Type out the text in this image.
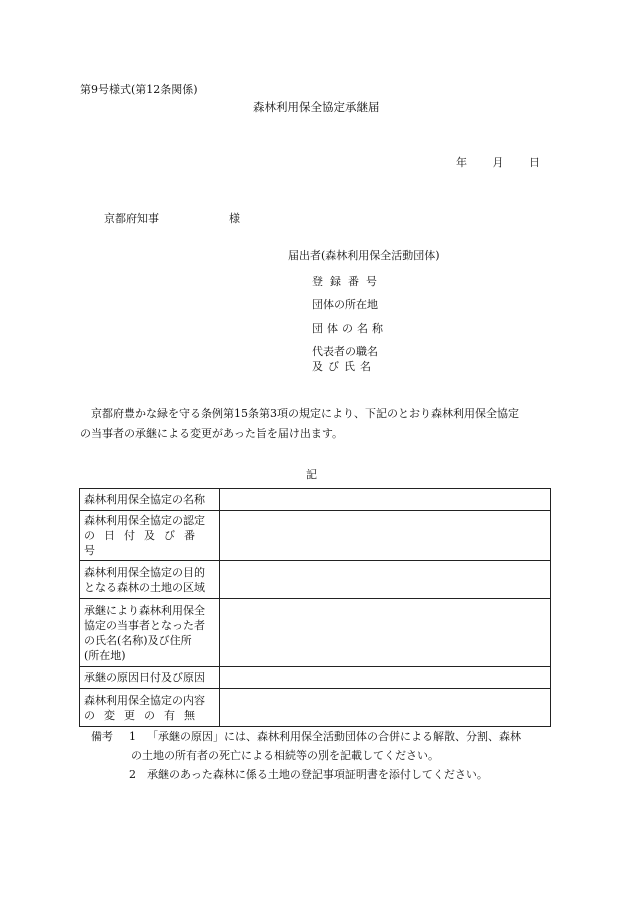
第9号様式(第12条関係)
森林利用保全協定承継届
年 月 日
京都府知事	様
届出者(森林利用保全活動団体)
登録番号
団体の所在地
団体の名称
代表者の職名
及び氏名
京都府豊かな緑を守る条例第15条第3項の規定により、下記のとおり森林利用保全協定
の当事者の承継による変更があった旨を届け出ます。
記
森林利用保全協定の名称	

森林利用保全協定の認定
の日付及び番号	

森林利用保全協定の目的
となる森林の土地の区域	

承継により森林利用保全
協定の当事者となった者
の氏名(名称)及び住所
(所在地)	

承継の原因日付及び原因	

森林利用保全協定の内容
の変更の有無	

備考 1 「承継の原因」には、森林利用保全活動団体の合併による解散、分割、森林
の土地の所有者の死亡による相続等の別を記載してください。
2 承継のあった森林に係る土地の登記事項証明書を添付してください。
